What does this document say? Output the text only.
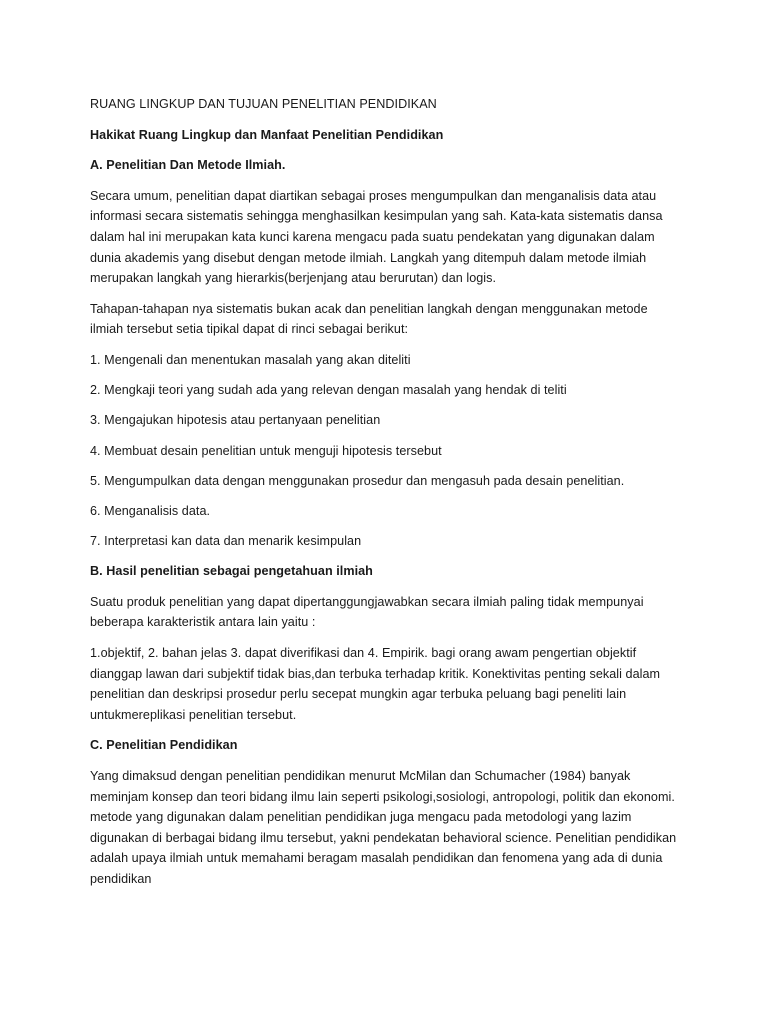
RUANG LINGKUP DAN TUJUAN PENELITIAN PENDIDIKAN

Hakikat Ruang Lingkup dan Manfaat Penelitian Pendidikan

A. Penelitian Dan Metode Ilmiah.

Secara umum, penelitian dapat diartikan sebagai proses mengumpulkan dan menganalisis data atau informasi secara sistematis sehingga menghasilkan kesimpulan yang sah. Kata-kata sistematis dansa dalam hal ini merupakan kata kunci karena mengacu pada suatu pendekatan yang digunakan dalam dunia akademis yang disebut dengan metode ilmiah. Langkah yang ditempuh dalam metode ilmiah merupakan langkah yang hierarkis(berjenjang atau berurutan) dan logis.

Tahapan-tahapan nya sistematis bukan acak dan penelitian langkah dengan menggunakan metode ilmiah tersebut setia tipikal dapat di rinci sebagai berikut:

1. Mengenali dan menentukan masalah yang akan diteliti

2. Mengkaji teori yang sudah ada yang relevan dengan masalah yang hendak di teliti

3. Mengajukan hipotesis atau pertanyaan penelitian

4. Membuat desain penelitian untuk menguji hipotesis tersebut

5. Mengumpulkan data dengan menggunakan prosedur dan mengasuh pada desain penelitian.

6. Menganalisis data.

7. Interpretasi kan data dan menarik kesimpulan

B. Hasil penelitian sebagai pengetahuan ilmiah

Suatu produk penelitian yang dapat dipertanggungjawabkan secara ilmiah paling tidak mempunyai beberapa karakteristik antara lain yaitu :

1.objektif, 2. bahan jelas 3. dapat diverifikasi dan 4. Empirik. bagi orang awam pengertian objektif dianggap lawan dari subjektif tidak bias,dan terbuka terhadap kritik. Konektivitas penting sekali dalam penelitian dan deskripsi prosedur perlu secepat mungkin agar terbuka peluang bagi peneliti lain untukmereplikasi penelitian tersebut.

C. Penelitian Pendidikan

Yang dimaksud dengan penelitian pendidikan menurut McMilan dan Schumacher (1984) banyak meminjam konsep dan teori bidang ilmu lain seperti psikologi,sosiologi, antropologi, politik dan ekonomi. metode yang digunakan dalam penelitian pendidikan juga mengacu pada metodologi yang lazim digunakan di berbagai bidang ilmu tersebut, yakni pendekatan behavioral science. Penelitian pendidikan adalah upaya ilmiah untuk memahami beragam masalah pendidikan dan fenomena yang ada di dunia pendidikan
